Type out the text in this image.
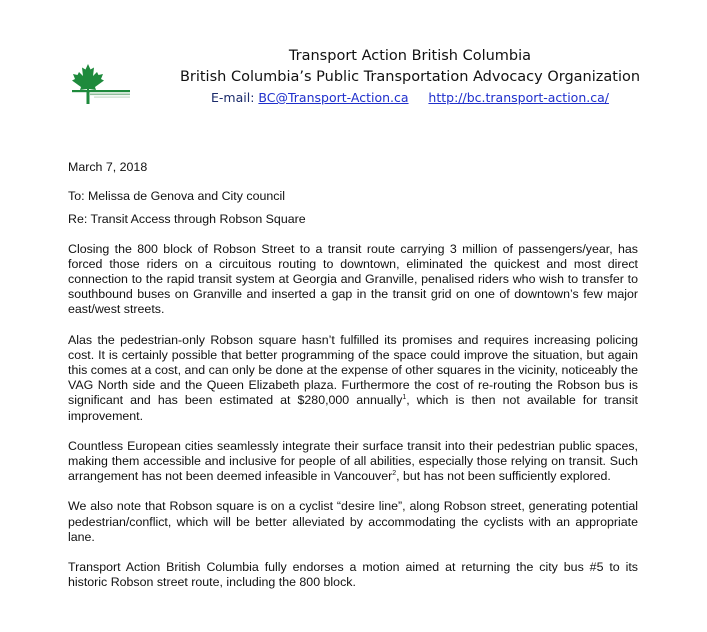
Transport Action British Columbia

British Columbia’s Public Transportation Advocacy Organization

E-mail: BC@Transport-Action.ca http://bc.transport-action.ca/

March 7, 2018

To: Melissa de Genova and City council

Re: Transit Access through Robson Square

Closing the 800 block of Robson Street to a transit route carrying 3 million of passengers/year, has forced those riders on a circuitous routing to downtown, eliminated the quickest and most direct connection to the rapid transit system at Georgia and Granville, penalised riders who wish to transfer to southbound buses on Granville and inserted a gap in the transit grid on one of downtown’s few major east/west streets.

Alas the pedestrian-only Robson square hasn’t fulfilled its promises and requires increasing policing cost. It is certainly possible that better programming of the space could improve the situation, but again this comes at a cost, and can only be done at the expense of other squares in the vicinity, noticeably the VAG North side and the Queen Elizabeth plaza. Furthermore the cost of re-routing the Robson bus is significant and has been estimated at $280,000 annually$^1$, which is then not available for transit improvement.

Countless European cities seamlessly integrate their surface transit into their pedestrian public spaces, making them accessible and inclusive for people of all abilities, especially those relying on transit. Such arrangement has not been deemed infeasible in Vancouver$^2$, but has not been sufficiently explored.

We also note that Robson square is on a cyclist “desire line”, along Robson street, generating potential pedestrian/conflict, which will be better alleviated by accommodating the cyclists with an appropriate lane.

Transport Action British Columbia fully endorses a motion aimed at returning the city bus #5 to its historic Robson street route, including the 800 block.
